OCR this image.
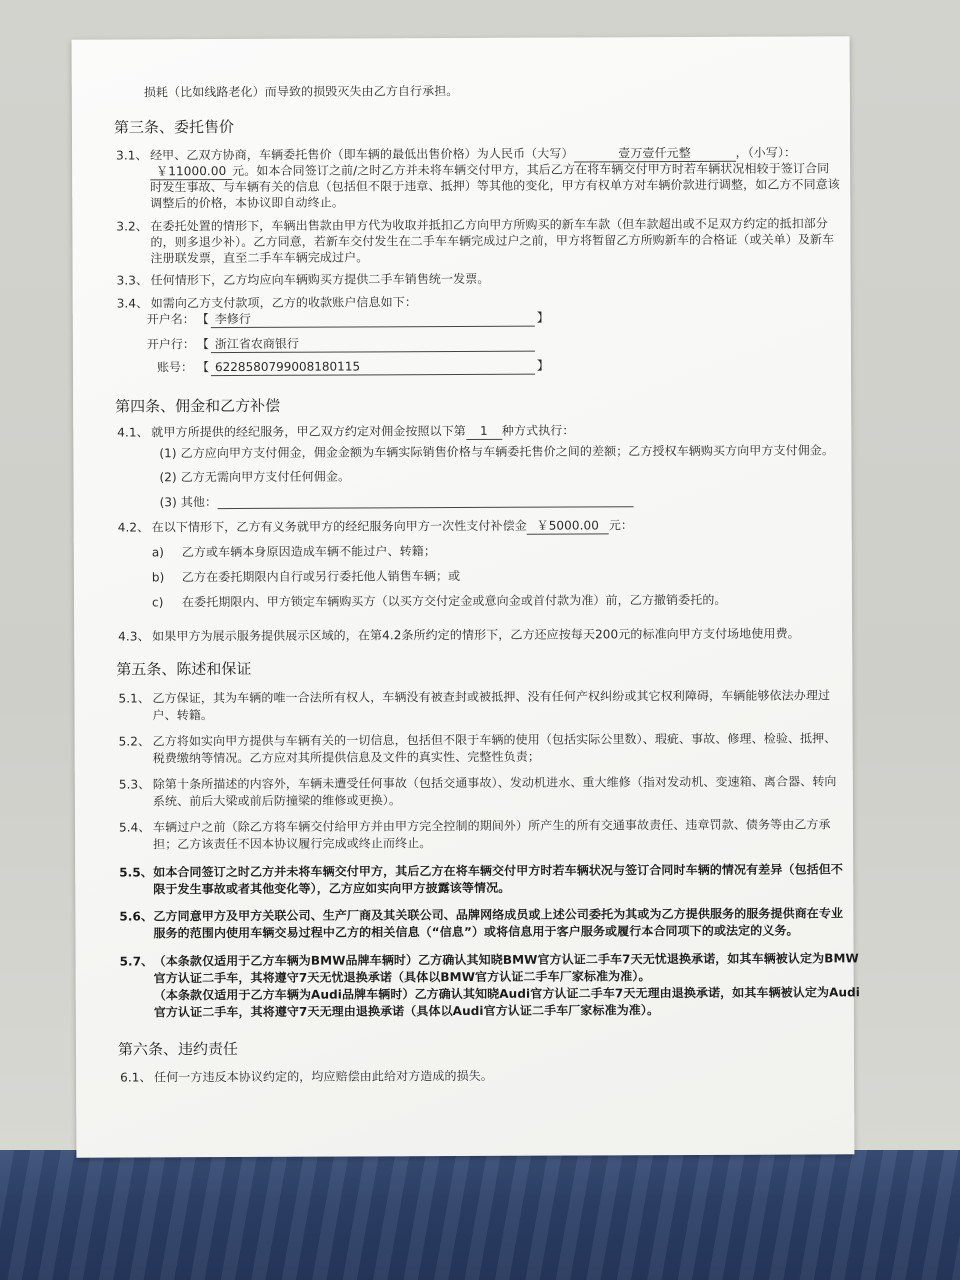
损耗（比如线路老化）而导致的损毁灭失由乙方自行承担。
第三条、委托售价
3.1、 经甲、乙双方协商，车辆委托售价（即车辆的最低出售价格）为人民币（大写）	壹万壹仟元整	，（小写）：
￥11000.00 元。如本合同签订之前/之时乙方并未将车辆交付甲方，其后乙方在将车辆交付甲方时若车辆状况相较于签订合同
时发生事故、与车辆有关的信息（包括但不限于违章、抵押）等其他的变化，甲方有权单方对车辆价款进行调整，如乙方不同意该
调整后的价格，本协议即自动终止。
3.2、 在委托处置的情形下，车辆出售款由甲方代为收取并抵扣乙方向甲方所购买的新车车款（但车款超出或不足双方约定的抵扣部分
的，则多退少补）。乙方同意，若新车交付发生在二手车车辆完成过户之前，甲方将暂留乙方所购新车的合格证（或关单）及新车
注册联发票，直至二手车车辆完成过户。
3.3、 任何情形下，乙方均应向车辆购买方提供二手车销售统一发票。
3.4、 如需向乙方支付款项，乙方的收款账户信息如下：
开户名： 【 李修行	】
开户行： 【 浙江省农商银行
账号： 【 6228580799008180115	】
第四条、佣金和乙方补偿
4.1、 就甲方所提供的经纪服务，甲乙双方约定对佣金按照以下第 1 种方式执行：
(1) 乙方应向甲方支付佣金，佣金金额为车辆实际销售价格与车辆委托售价之间的差额；乙方授权车辆购买方向甲方支付佣金。
(2) 乙方无需向甲方支付任何佣金。
(3) 其他：
4.2、 在以下情形下，乙方有义务就甲方的经纪服务向甲方一次性支付补偿金 ￥5000.00 元：
a) 乙方或车辆本身原因造成车辆不能过户、转籍；
b) 乙方在委托期限内自行或另行委托他人销售车辆；或
c) 在委托期限内、甲方锁定车辆购买方（以买方交付定金或意向金或首付款为准）前，乙方撤销委托的。
4.3、 如果甲方为展示服务提供展示区域的，在第4.2条所约定的情形下，乙方还应按每天200元的标准向甲方支付场地使用费。
第五条、陈述和保证
5.1、 乙方保证，其为车辆的唯一合法所有权人，车辆没有被查封或被抵押、没有任何产权纠纷或其它权利障碍，车辆能够依法办理过
户、转籍。
5.2、 乙方将如实向甲方提供与车辆有关的一切信息，包括但不限于车辆的使用（包括实际公里数）、瑕疵、事故、修理、检验、抵押、
税费缴纳等情况。乙方应对其所提供信息及文件的真实性、完整性负责；
5.3、 除第十条所描述的内容外，车辆未遭受任何事故（包括交通事故）、发动机进水、重大维修（指对发动机、变速箱、离合器、转向
系统、前后大梁或前后防撞梁的维修或更换）。
5.4、 车辆过户之前（除乙方将车辆交付给甲方并由甲方完全控制的期间外）所产生的所有交通事故责任、违章罚款、债务等由乙方承
担；乙方该责任不因本协议履行完成或终止而终止。
5.5、如本合同签订之时乙方并未将车辆交付甲方，其后乙方在将车辆交付甲方时若车辆状况与签订合同时车辆的情况有差异（包括但不
限于发生事故或者其他变化等），乙方应如实向甲方披露该等情况。
5.6、乙方同意甲方及甲方关联公司、生产厂商及其关联公司、品牌网络成员或上述公司委托为其或为乙方提供服务的服务提供商在专业
服务的范围内使用车辆交易过程中乙方的相关信息（“信息”）或将信息用于客户服务或履行本合同项下的或法定的义务。
5.7、（本条款仅适用于乙方车辆为BMW品牌车辆时）乙方确认其知晓BMW官方认证二手车7天无忧退换承诺，如其车辆被认定为BMW
官方认证二手车，其将遵守7天无忧退换承诺（具体以BMW官方认证二手车厂家标准为准）。
（本条款仅适用于乙方车辆为Audi品牌车辆时）乙方确认其知晓Audi官方认证二手车7天无理由退换承诺，如其车辆被认定为Audi
官方认证二手车，其将遵守7天无理由退换承诺（具体以Audi官方认证二手车厂家标准为准）。
第六条、违约责任
6.1、 任何一方违反本协议约定的，均应赔偿由此给对方造成的损失。
